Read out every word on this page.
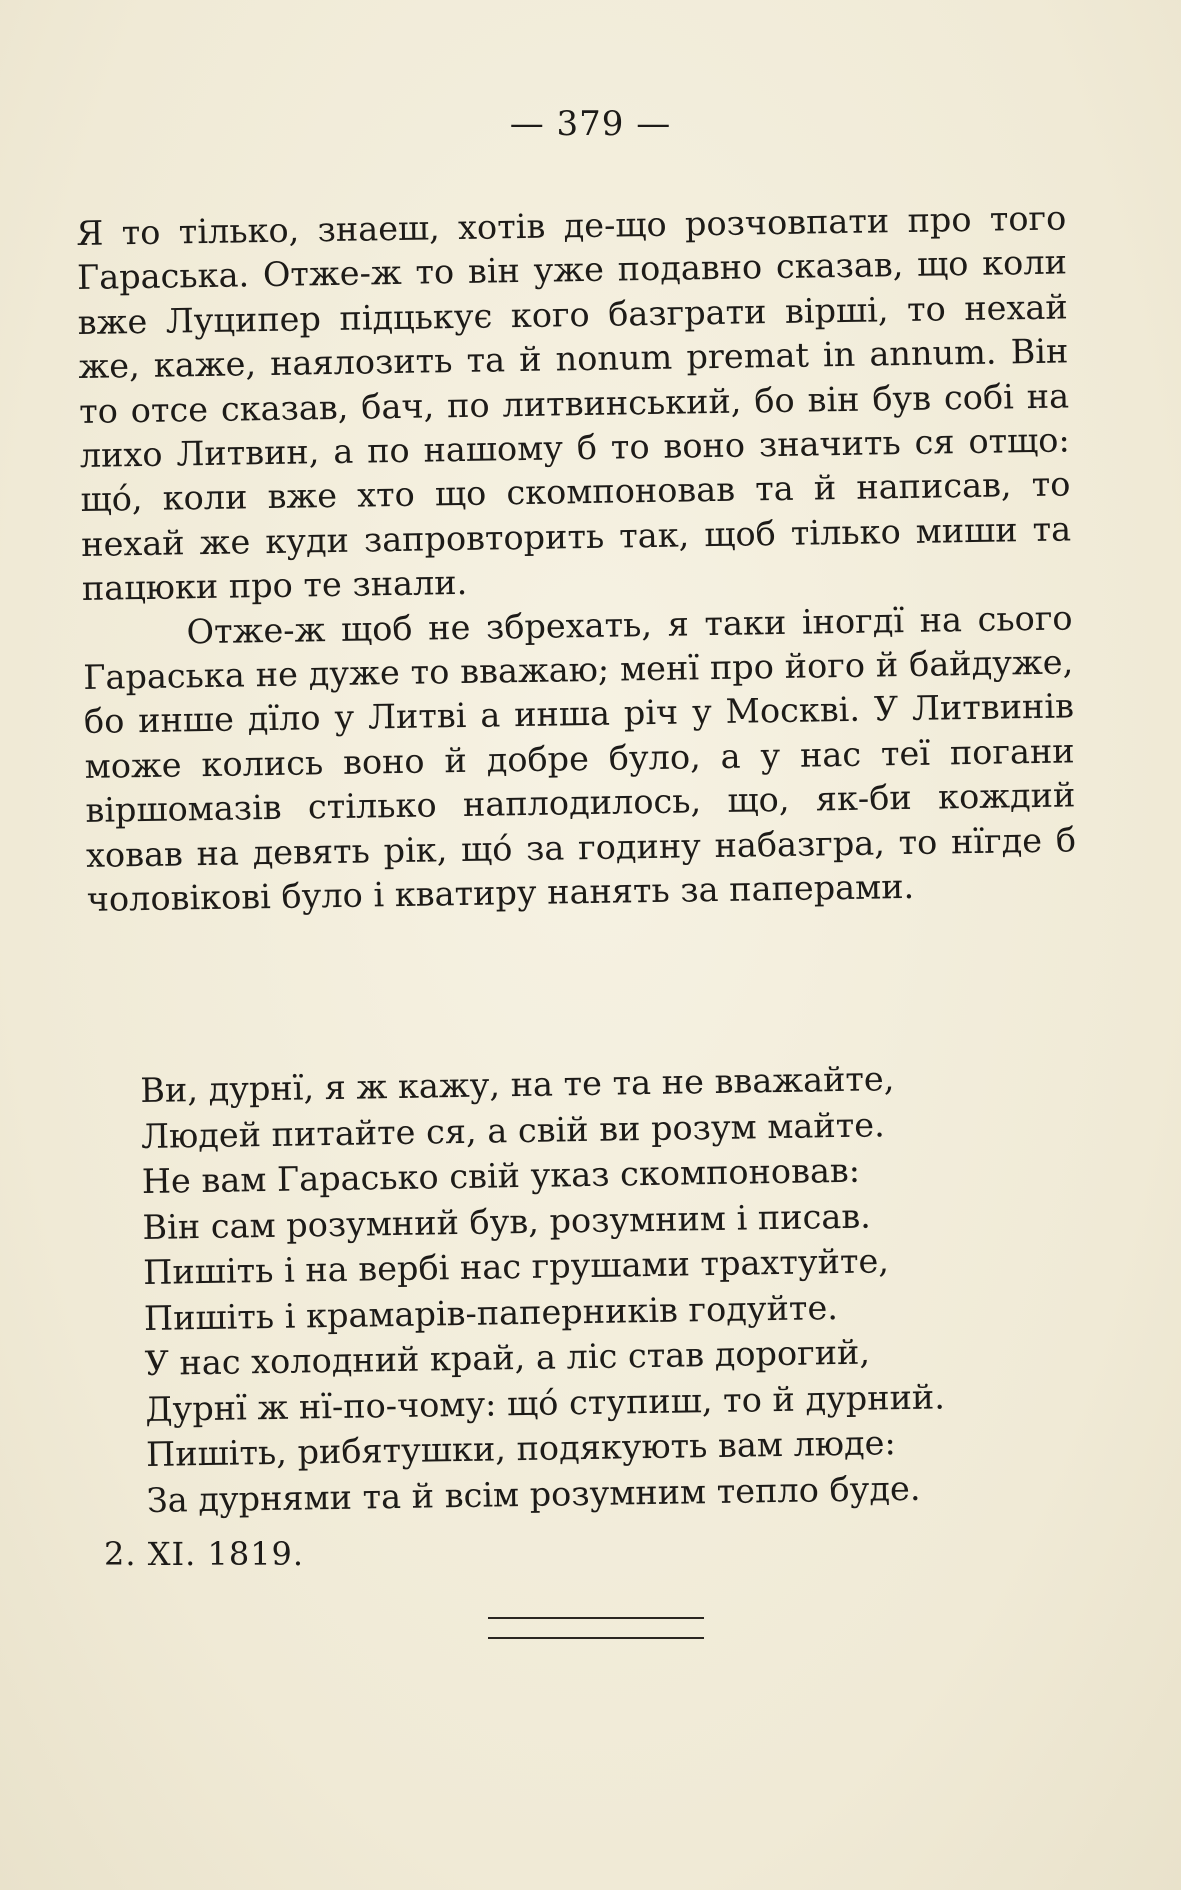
— 379 —

Я то тілько, знаеш, хотів де-що розчовпати про того Гараська. Отже-ж то він уже подавно сказав, що коли вже Луципер підцькує кого базграти вірші, то нехай же, каже, наялозить та й nonum premat in annum. Він то отсе сказав, бач, по литвинський, бо він був собі на лихо Литвин, а по нашому б то воно значить ся отщо: щó, коли вже хто що скомпоновав та й написав, то нехай же куди запровторить так, щоб тілько миши та пацюки про те знали.

Отже-ж щоб не збрехать, я таки іногдї на сього Гараська не дуже то вважаю; менї про його й байдуже, бо инше дїло у Литві а инша річ у Москві. У Литвинів може колись воно й добре було, а у нас теї погани віршомазів стілько наплодилось, що, як-би кождий ховав на девять рік, щó за годину набазгра, то нїгде б чоловікові було і кватиру нанять за паперами.

Ви, дурнї, я ж кажу, на те та не вважайте,
Людей питайте ся, а свій ви розум майте.
Не вам Гарасько свій указ скомпоновав:
Він сам розумний був, розумним і писав.
Пишіть і на вербі нас грушами трахтуйте,
Пишіть і крамарів-паперників годуйте.
У нас холодний край, а ліс став дорогий,
Дурнї ж нї-по-чому: щó ступиш, то й дурний.
Пишіть, рибятушки, подякують вам люде:
За дурнями та й всім розумним тепло буде.
2. XI. 1819.
